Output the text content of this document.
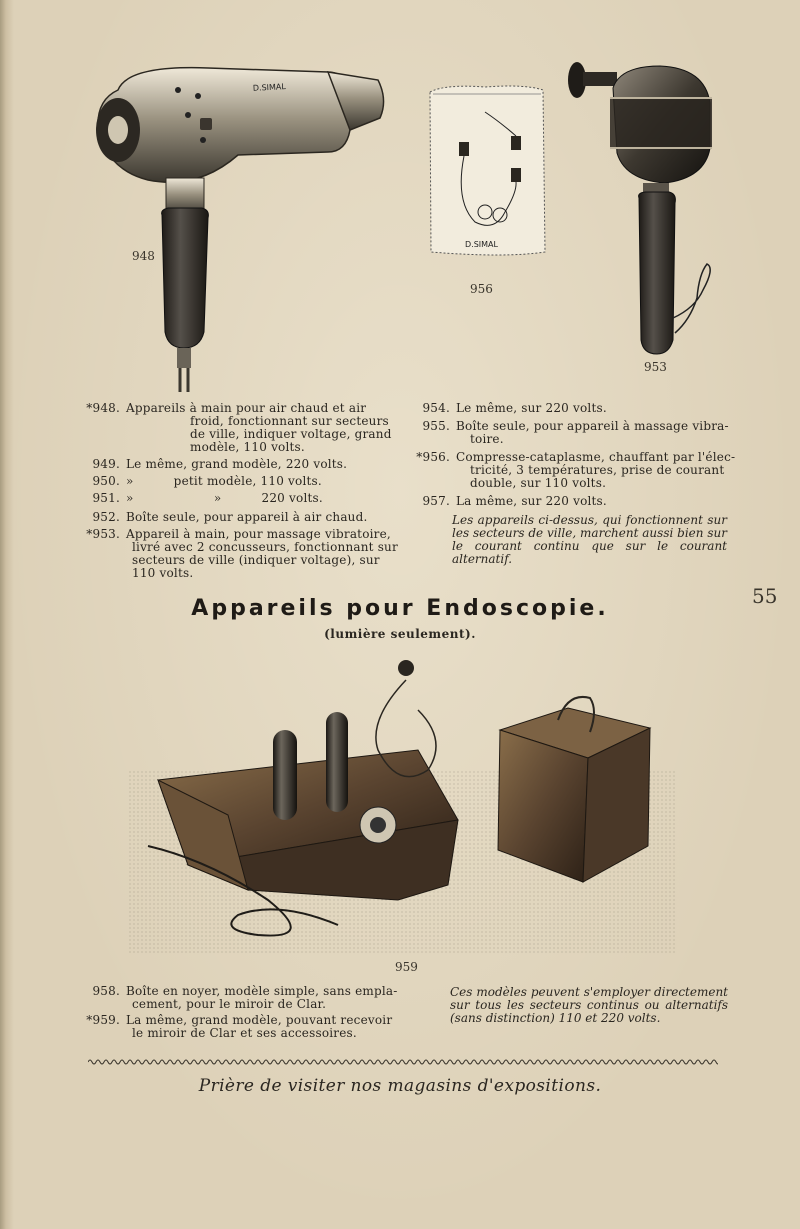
D.SIMAL
948
D.SIMAL
956
953
*948. Appareils à main pour air chaud et air
froid, fonctionnant sur secteurs
de ville, indiquer voltage, grand
modèle, 110 volts.
949. Le même, grand modèle, 220 volts.
950. »          petit modèle, 110 volts.
951. »                    »          220 volts.
952. Boîte seule, pour appareil à air chaud.
*953. Appareil à main, pour massage vibratoire,
livré avec 2 concusseurs, fonctionnant sur
secteurs de ville (indiquer voltage), sur
110 volts.
954. Le même, sur 220 volts.
955. Boîte seule, pour appareil à massage vibra-
toire.
*956. Compresse-cataplasme, chauffant par l'élec-
tricité, 3 températures, prise de courant
double, sur 110 volts.
957. La même, sur 220 volts.
Les appareils ci-dessus, qui fonctionnent sur les secteurs de ville, marchent aussi bien sur le courant continu que sur le courant alternatif.
55
Appareils pour Endoscopie.
(lumière seulement).
959
958. Boîte en noyer, modèle simple, sans empla-
cement, pour le miroir de Clar.
*959. La même, grand modèle, pouvant recevoir
le miroir de Clar et ses accessoires.
Ces modèles peuvent s'employer directement sur tous les secteurs continus ou alternatifs (sans distinction) 110 et 220 volts.
Prière de visiter nos magasins d'expositions.
